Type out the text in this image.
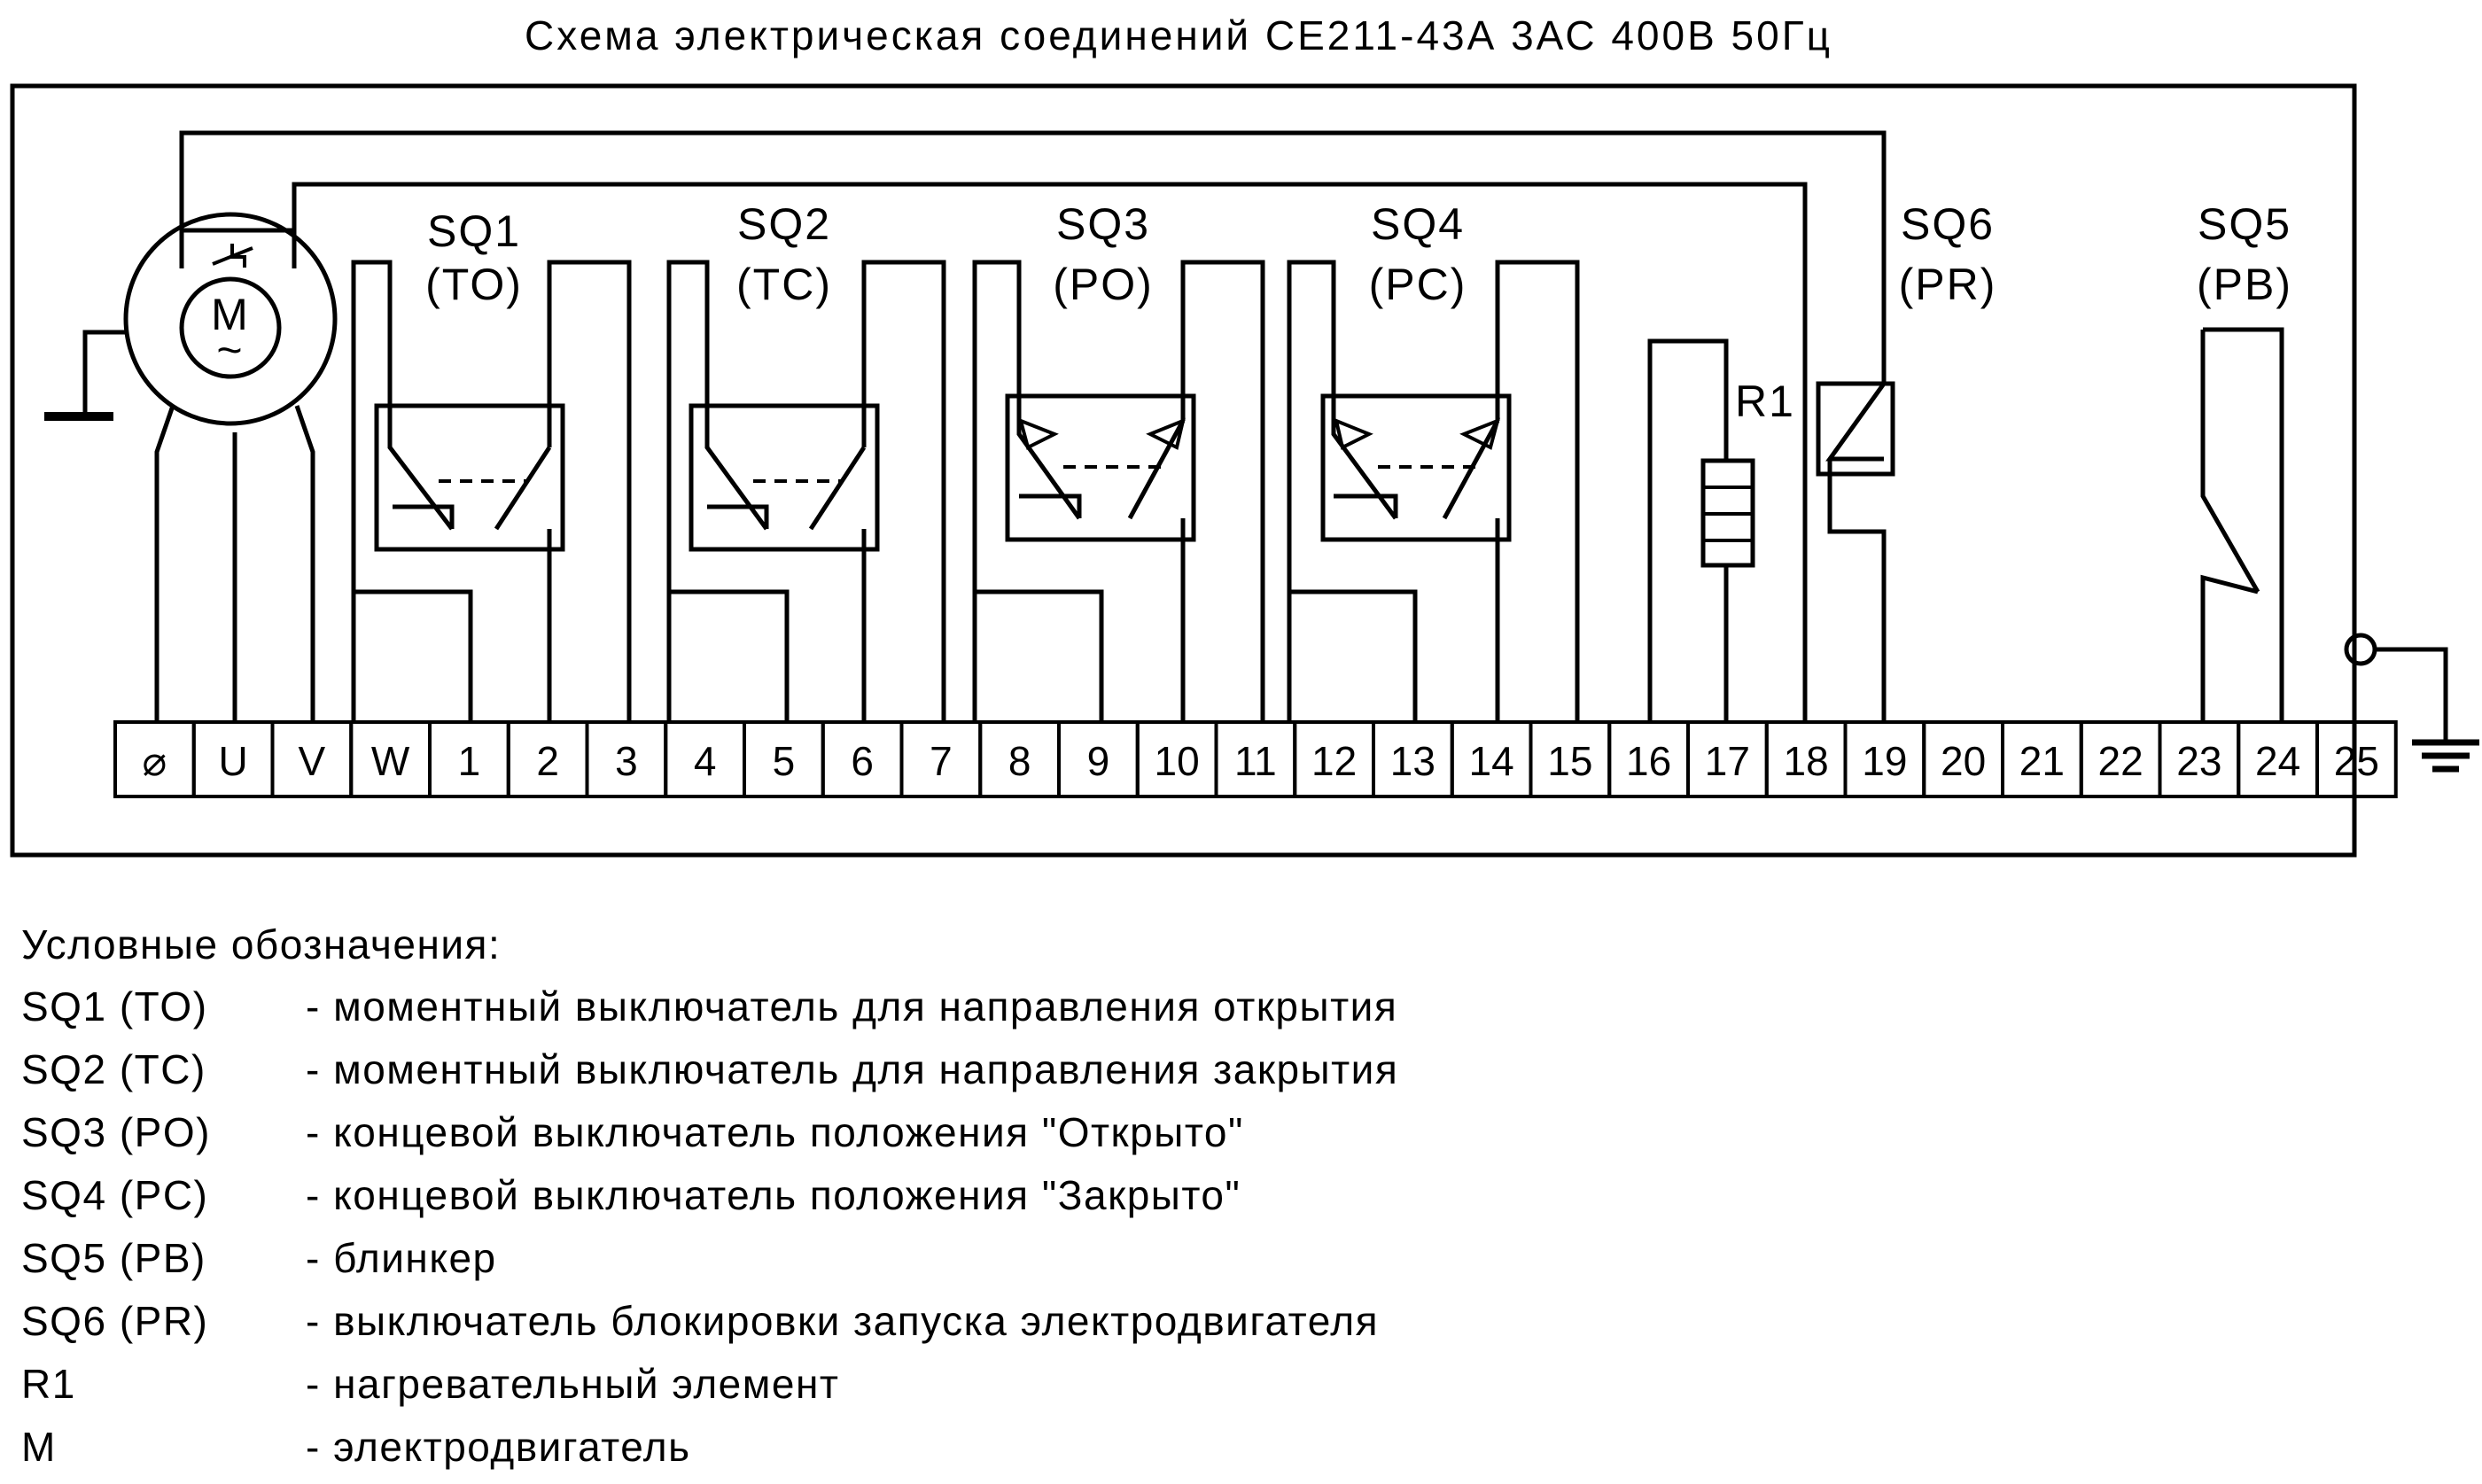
Схема электрическая соединений СЕ211-43А 3АС 400В 50Гц
⌀ U V W 1 2 3 4 5 6 7 8 9 10 11 12 13 14 15 16 17 18 19 20 21 22 23 24 25
M
~
SQ1
(TO)
SQ2
(TC)
SQ3
(PO)
SQ4
(PC)
R1
SQ6
(PR)
SQ5
(PB)
Условные обозначения:
SQ1 (TO) - моментный выключатель для направления открытия
SQ2 (TC) - моментный выключатель для направления закрытия
SQ3 (PO) - концевой выключатель положения "Открыто"
SQ4 (PC) - концевой выключатель положения "Закрыто"
SQ5 (PB) - блинкер
SQ6 (PR) - выключатель блокировки запуска электродвигателя
R1	- нагревательный элемент
M	- электродвигатель
